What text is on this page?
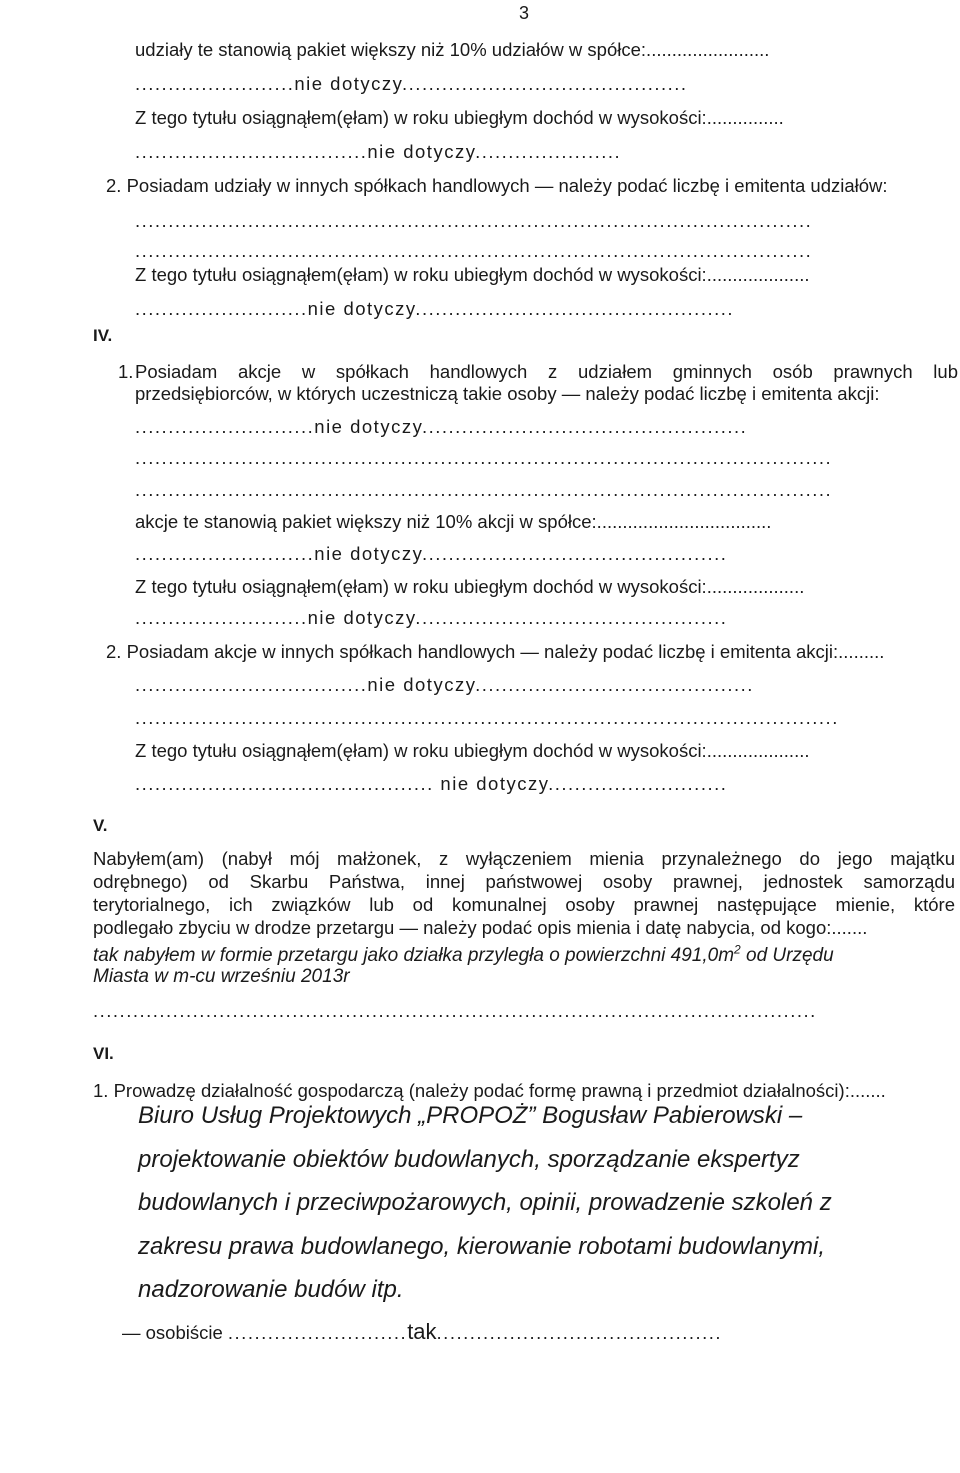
3
udziały te stanowią pakiet większy niż 10% udziałów w spółce:........................
........................nie dotyczy...........................................
Z tego tytułu osiągnąłem(ęłam) w roku ubiegłym dochód w wysokości:...............
...................................nie dotyczy......................
2. Posiadam udziały w innych spółkach handlowych — należy podać liczbę i emitenta udziałów:
......................................................................................................
......................................................................................................
Z tego tytułu osiągnąłem(ęłam) w roku ubiegłym dochód w wysokości:....................
..........................nie dotyczy................................................
IV.
1. Posiadam akcje w spółkach handlowych z udziałem gminnych osób prawnych lub
przedsiębiorców, w których uczestniczą takie osoby — należy podać liczbę i emitenta akcji:
...........................nie dotyczy.................................................
.........................................................................................................
.........................................................................................................
akcje te stanowią pakiet większy niż 10% akcji w spółce:..................................
...........................nie dotyczy..............................................
Z tego tytułu osiągnąłem(ęłam) w roku ubiegłym dochód w wysokości:...................
..........................nie dotyczy...............................................
2. Posiadam akcje w innych spółkach handlowych — należy podać liczbę i emitenta akcji:.........
...................................nie dotyczy..........................................
..........................................................................................................
Z tego tytułu osiągnąłem(ęłam) w roku ubiegłym dochód w wysokości:....................
............................................. nie dotyczy...........................
V.
Nabyłem(am) (nabył mój małżonek, z wyłączeniem mienia przynależnego do jego majątku
odrębnego) od Skarbu Państwa, innej państwowej osoby prawnej, jednostek samorządu
terytorialnego, ich związków lub od komunalnej osoby prawnej następujące mienie, które
podlegało zbyciu w drodze przetargu — należy podać opis mienia i datę nabycia, od kogo:.......
tak nabyłem w formie przetargu jako działka przyległa o powierzchni $491,0m^2$ od Urzędu
Miasta w m-cu wrześniu 2013r
.............................................................................................................
VI.
1. Prowadzę działalność gospodarczą (należy podać formę prawną i przedmiot działalności):.......
Biuro Usług Projektowych „PROPOŻ” Bogusław Pabierowski –
projektowanie obiektów budowlanych, sporządzanie ekspertyz
budowlanych i przeciwpożarowych, opinii, prowadzenie szkoleń z
zakresu prawa budowlanego, kierowanie robotami budowlanymi,
nadzorowanie budów itp.
— osobiście ...........................tak...........................................
